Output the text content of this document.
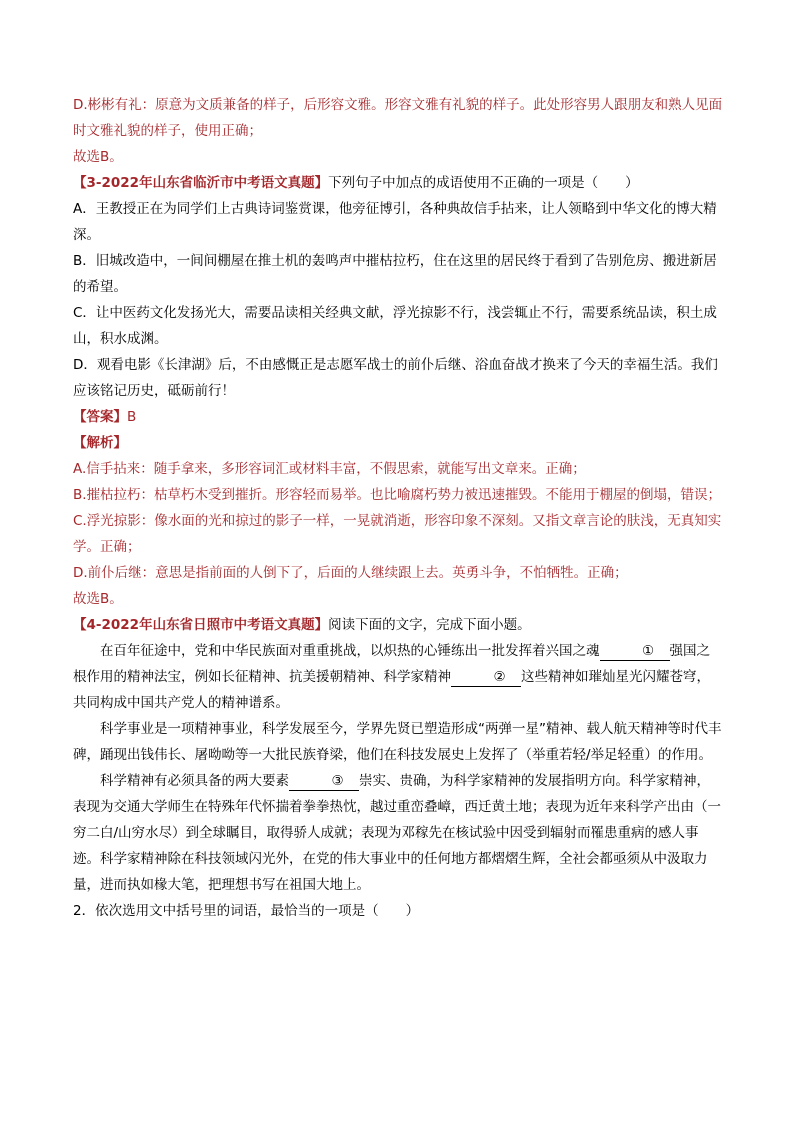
D.彬彬有礼：原意为文质兼备的样子，后形容文雅。形容文雅有礼貌的样子。此处形容男人跟朋友和熟人见面时文雅礼貌的样子，使用正确；

故选B。

【3-2022年山东省临沂市中考语文真题】下列句子中加点的成语使用不正确的一项是（　　）

A．王教授正在为同学们上古典诗词鉴赏课，他旁征博引，各种典故信手拈来，让人领略到中华文化的博大精深。

B．旧城改造中，一间间棚屋在推土机的轰鸣声中摧枯拉朽，住在这里的居民终于看到了告别危房、搬进新居的希望。

C．让中医药文化发扬光大，需要品读相关经典文献，浮光掠影不行，浅尝辄止不行，需要系统品读，积土成山，积水成渊。

D．观看电影《长津湖》后，不由感慨正是志愿军战士的前仆后继、浴血奋战才换来了今天的幸福生活。我们应该铭记历史，砥砺前行！

【答案】B

【解析】

A.信手拈来：随手拿来，多形容词汇或材料丰富，不假思索，就能写出文章来。正确；

B.摧枯拉朽：枯草朽木受到摧折。形容轻而易举。也比喻腐朽势力被迅速摧毁。不能用于棚屋的倒塌，错误；

C.浮光掠影：像水面的光和掠过的影子一样，一晃就消逝，形容印象不深刻。又指文章言论的肤浅，无真知实学。正确；

D.前仆后继：意思是指前面的人倒下了，后面的人继续跟上去。英勇斗争，不怕牺牲。正确；

故选B。

【4-2022年山东省日照市中考语文真题】阅读下面的文字，完成下面小题。

在百年征途中，党和中华民族面对重重挑战，以炽热的心锤练出一批发挥着兴国之魂	① 强国之根作用的精神法宝，例如长征精神、抗美援朝精神、科学家精神	② 这些精神如璀灿星光闪耀苍穹，共同构成中国共产党人的精神谱系。

科学事业是一项精神事业，科学发展至今，学界先贤已塑造形成“两弹一星”精神、载人航天精神等时代丰碑，踊现出钱伟长、屠呦呦等一大批民族脊梁，他们在科技发展史上发挥了（举重若轻/举足轻重）的作用。

科学精神有必须具备的两大要素	③ 崇实、贵确，为科学家精神的发展指明方向。科学家精神，表现为交通大学师生在特殊年代怀揣着拳拳热忱，越过重峦叠嶂，西迁黄土地；表现为近年来科学产出由（一穷二白/山穷水尽）到全球瞩目，取得骄人成就；表现为邓稼先在核试验中因受到辐射而罹患重病的感人事迹。科学家精神除在科技领域闪光外，在党的伟大事业中的任何地方都熠熠生辉，全社会都亟须从中汲取力量，进而执如椽大笔，把理想书写在祖国大地上。

2．依次选用文中括号里的词语，最恰当的一项是（　　）
